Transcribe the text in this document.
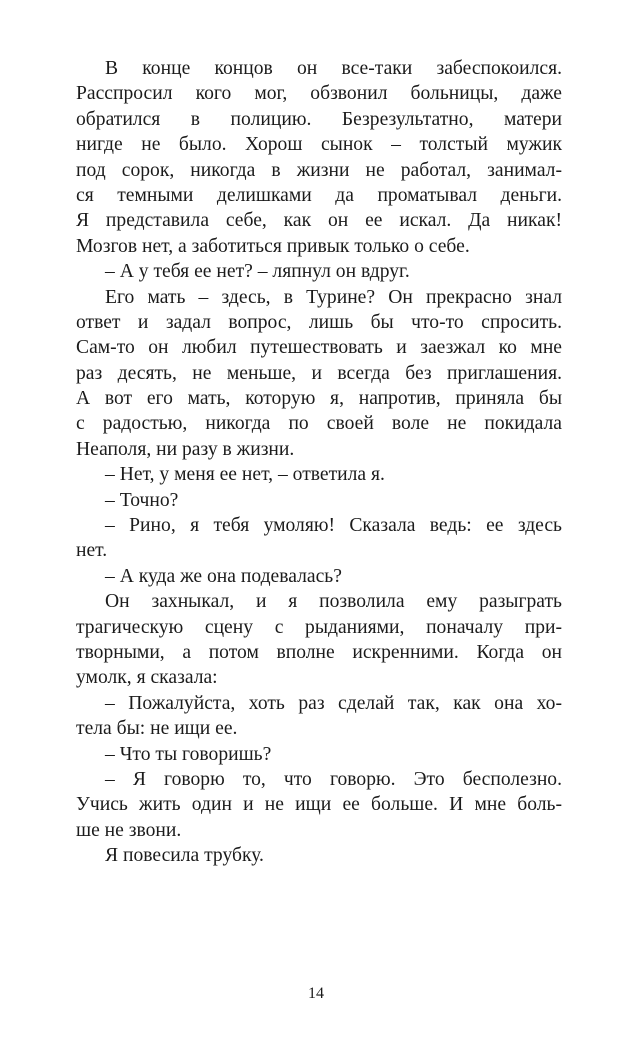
В конце концов он все-таки забеспокоился.
Расспросил кого мог, обзвонил больницы, даже
обратился в полицию. Безрезультатно, матери
нигде не было. Хорош сынок – толстый мужик
под сорок, никогда в жизни не работал, занимал-
ся темными делишками да проматывал деньги.
Я представила себе, как он ее искал. Да никак!
Мозгов нет, а заботиться привык только о себе.
– А у тебя ее нет? – ляпнул он вдруг.
Его мать – здесь, в Турине? Он прекрасно знал
ответ и задал вопрос, лишь бы что-то спросить.
Сам-то он любил путешествовать и заезжал ко мне
раз десять, не меньше, и всегда без приглашения.
А вот его мать, которую я, напротив, приняла бы
с радостью, никогда по своей воле не покидала
Неаполя, ни разу в жизни.
– Нет, у меня ее нет, – ответила я.
– Точно?
– Рино, я тебя умоляю! Сказала ведь: ее здесь
нет.
– А куда же она подевалась?
Он захныкал, и я позволила ему разыграть
трагическую сцену с рыданиями, поначалу при-
творными, а потом вполне искренними. Когда он
умолк, я сказала:
– Пожалуйста, хоть раз сделай так, как она хо-
тела бы: не ищи ее.
– Что ты говоришь?
– Я говорю то, что говорю. Это бесполезно.
Учись жить один и не ищи ее больше. И мне боль-
ше не звони.
Я повесила трубку.
14
